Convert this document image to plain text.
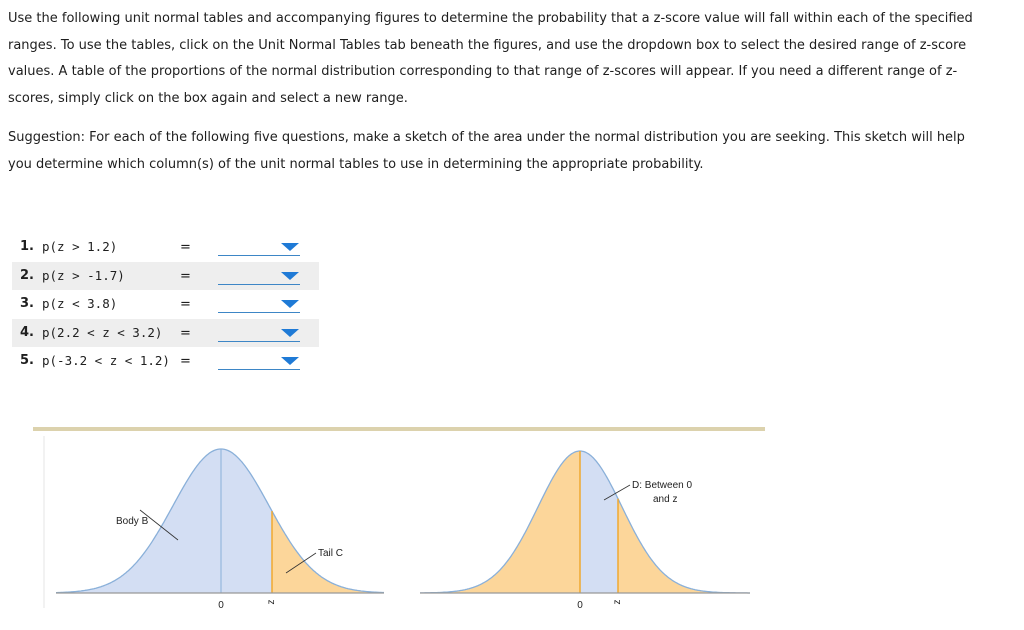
Use the following unit normal tables and accompanying figures to determine the probability that a z-score value will fall within each of the specified
ranges. To use the tables, click on the Unit Normal Tables tab beneath the figures, and use the dropdown box to select the desired range of z-score
values. A table of the proportions of the normal distribution corresponding to that range of z-scores will appear. If you need a different range of z-
scores, simply click on the box again and select a new range.
Suggestion: For each of the following five questions, make a sketch of the area under the normal distribution you are seeking. This sketch will help
you determine which column(s) of the unit normal tables to use in determining the appropriate probability.
1. p(z > 1.2)	=
2. p(z > -1.7)	=
3. p(z < 3.8)	=
4. p(2.2 < z < 3.2) =
5. p(-3.2 < z < 1.2) =
Body B
Tail C
0	z
D: Between 0
and z
0	z
